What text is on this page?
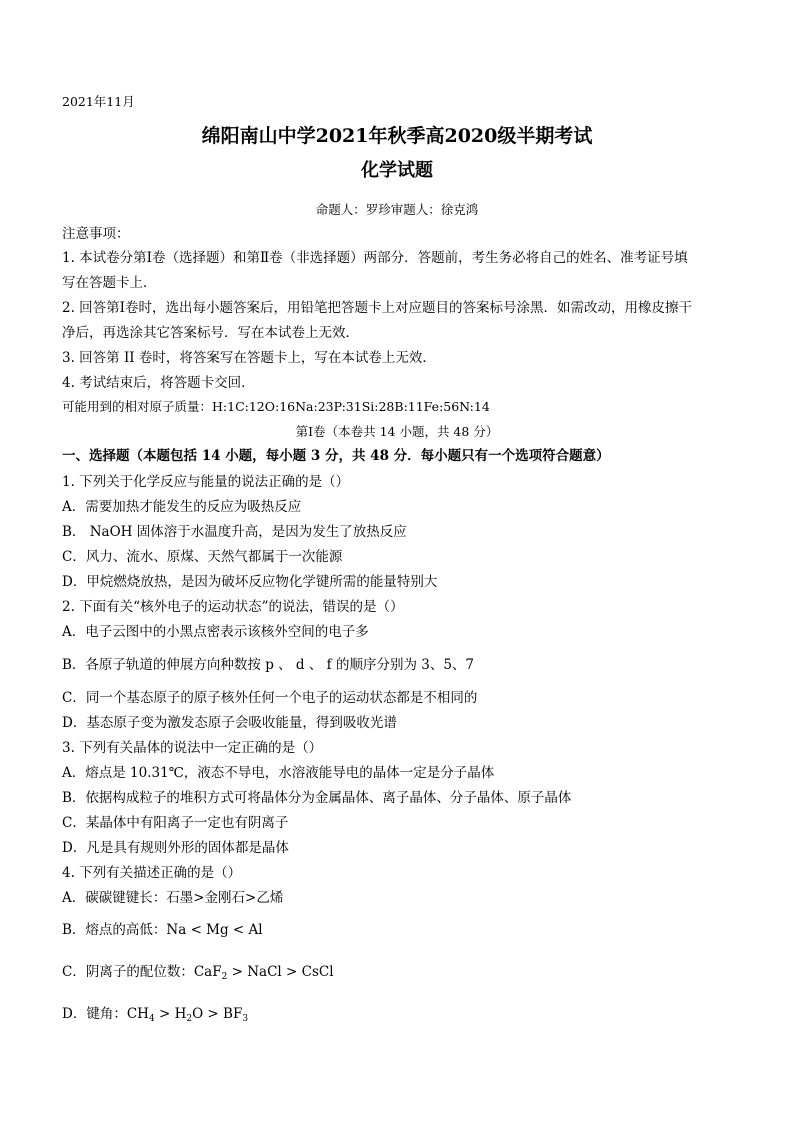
2021年11月
绵阳南山中学2021年秋季高2020级半期考试
化学试题
命题人：罗珍审题人：徐克鸿
注意事项：
1. 本试卷分第Ⅰ卷（选择题）和第Ⅱ卷（非选择题）两部分．答题前，考生务必将自己的姓名、准考证号填
写在答题卡上．
2. 回答第Ⅰ卷时，选出每小题答案后，用铅笔把答题卡上对应题目的答案标号涂黑．如需改动，用橡皮擦干
净后，再选涂其它答案标号．写在本试卷上无效．
3. 回答第 II 卷时，将答案写在答题卡上，写在本试卷上无效．
4. 考试结束后，将答题卡交回．
可能用到的相对原子质量：H:1C:12O:16Na:23P:31Si:28B:11Fe:56N:14
第Ⅰ卷（本卷共 14 小题，共 48 分）
一、选择题（本题包括 14 小题，每小题 3 分，共 48 分．每小题只有一个选项符合题意）
1. 下列关于化学反应与能量的说法正确的是（）
A．需要加热才能发生的反应为吸热反应
B． NaOH 固体溶于水温度升高，是因为发生了放热反应
C．风力、流水、原煤、天然气都属于一次能源
D．甲烷燃烧放热，是因为破坏反应物化学键所需的能量特别大
2. 下面有关“核外电子的运动状态”的说法，错误的是（）
A．电子云图中的小黑点密表示该核外空间的电子多
B．各原子轨道的伸展方向种数按 p 、 d 、 f 的顺序分别为 3、5、7
C．同一个基态原子的原子核外任何一个电子的运动状态都是不相同的
D．基态原子变为激发态原子会吸收能量，得到吸收光谱
3. 下列有关晶体的说法中一定正确的是（）
A．熔点是 10.31℃，液态不导电，水溶液能导电的晶体一定是分子晶体
B．依据构成粒子的堆积方式可将晶体分为金属晶体、离子晶体、分子晶体、原子晶体
C．某晶体中有阳离子一定也有阴离子
D．凡是具有规则外形的固体都是晶体
4. 下列有关描述正确的是（）
A．碳碳键键长：石墨>金刚石>乙烯
B．熔点的高低：Na < Mg < Al
C．阴离子的配位数：CaF$_2$ > NaCl > CsCl
D．键角：$CH_4 > H_2O > BF_3$
